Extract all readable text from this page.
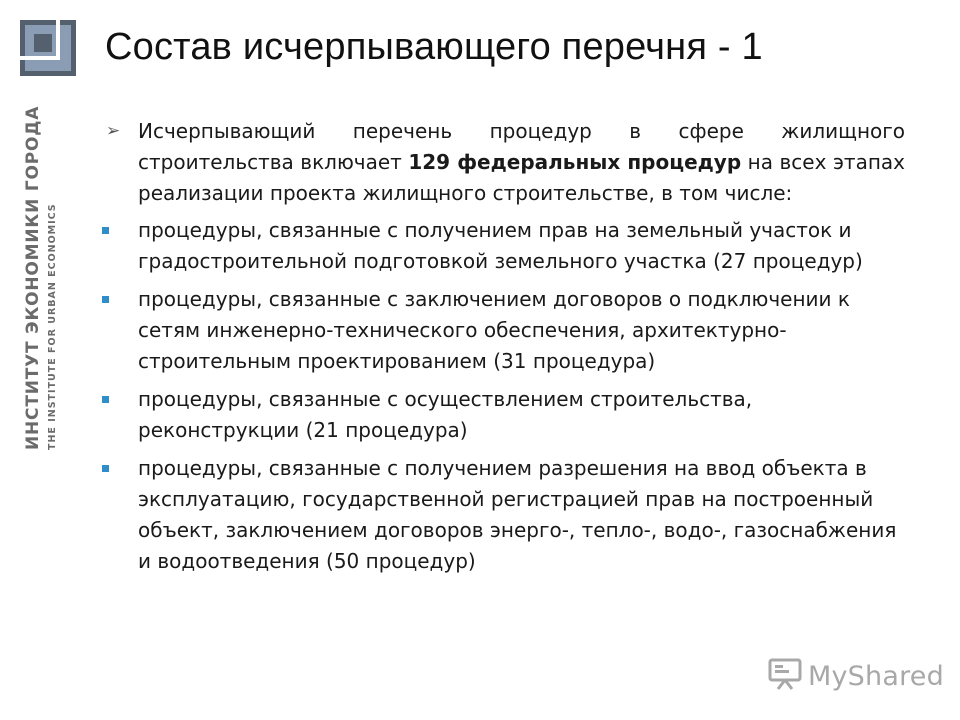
Состав исчерпывающего перечня - 1
ИНСТИТУТ ЭКОНОМИКИ ГОРОДА THE INSTITUTE FOR URBAN ECONOMICS
➢ Исчерпывающий перечень процедур в сфере жилищного строительства включает 129 федеральных процедур на всех этапах реализации проекта жилищного строительстве, в том числе:
процедуры, связанные с получением прав на земельный участок и градостроительной подготовкой земельного участка (27 процедур)
процедуры, связанные с заключением договоров о подключении к сетям инженерно-технического обеспечения, архитектурно-строительным проектированием (31 процедура)
процедуры, связанные с осуществлением строительства, реконструкции (21 процедура)
процедуры, связанные с получением разрешения на ввод объекта в эксплуатацию, государственной регистрацией прав на построенный объект, заключением договоров энерго-, тепло-, водо-, газоснабжения и водоотведения (50 процедур)
MyShared
